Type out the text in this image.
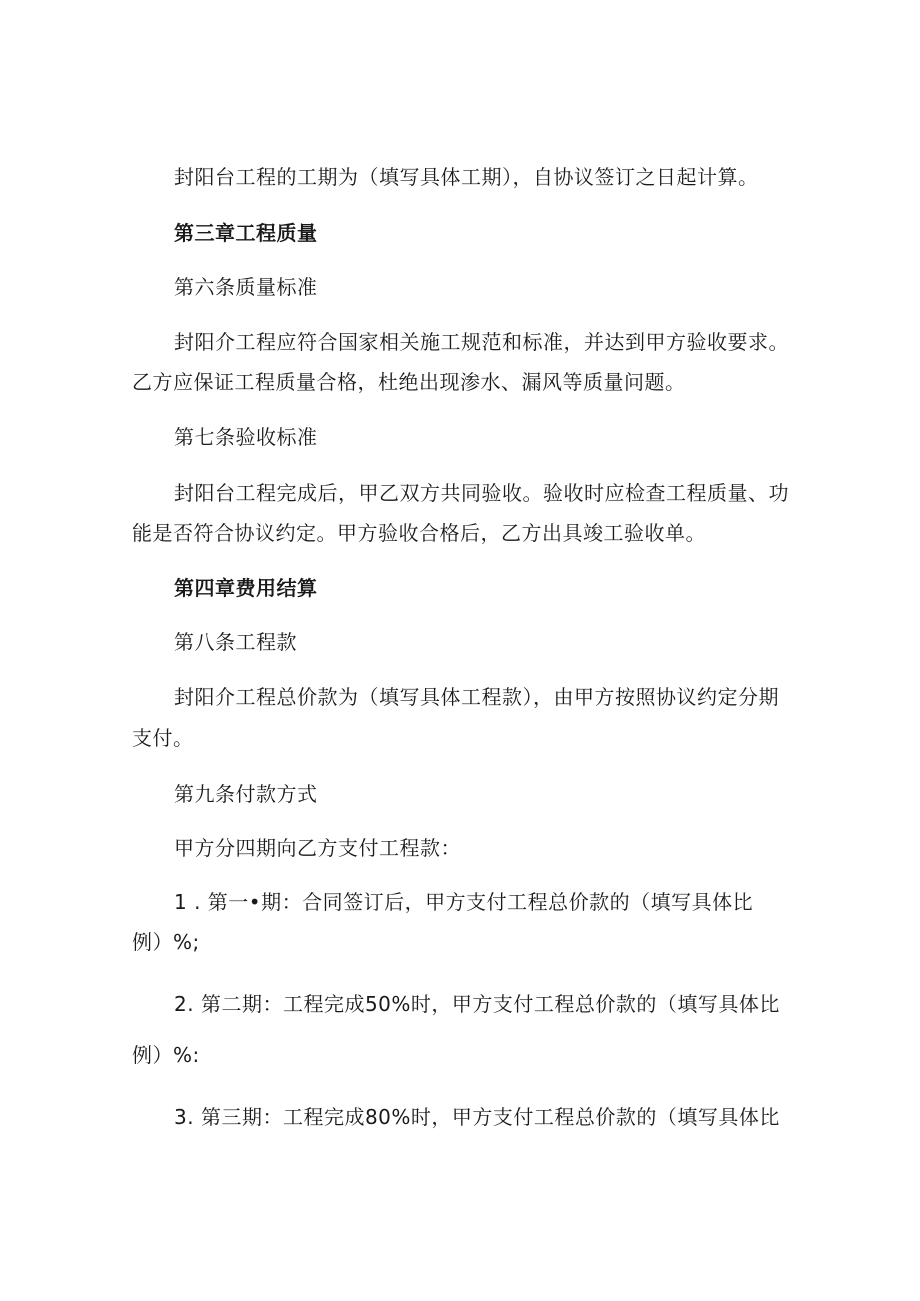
封阳台工程的工期为（填写具体工期），自协议签订之日起计算。
第三章工程质量
第六条质量标准
封阳介工程应符合国家相关施工规范和标准，并达到甲方验收要求。
乙方应保证工程质量合格，杜绝出现渗水、漏风等质量问题。
第七条验收标准
封阳台工程完成后，甲乙双方共同验收。验收时应检查工程质量、功
能是否符合协议约定。甲方验收合格后，乙方出具竣工验收单。
第四章费用结算
第八条工程款
封阳介工程总价款为（填写具体工程款），由甲方按照协议约定分期
支付。
第九条付款方式
甲方分四期向乙方支付工程款：
1 . 第一•期：合同签订后，甲方支付工程总价款的（填写具体比
例）%;
2. 第二期：工程完成50%时，甲方支付工程总价款的（填写具体比
例）%:
3. 第三期：工程完成80%时，甲方支付工程总价款的（填写具体比
